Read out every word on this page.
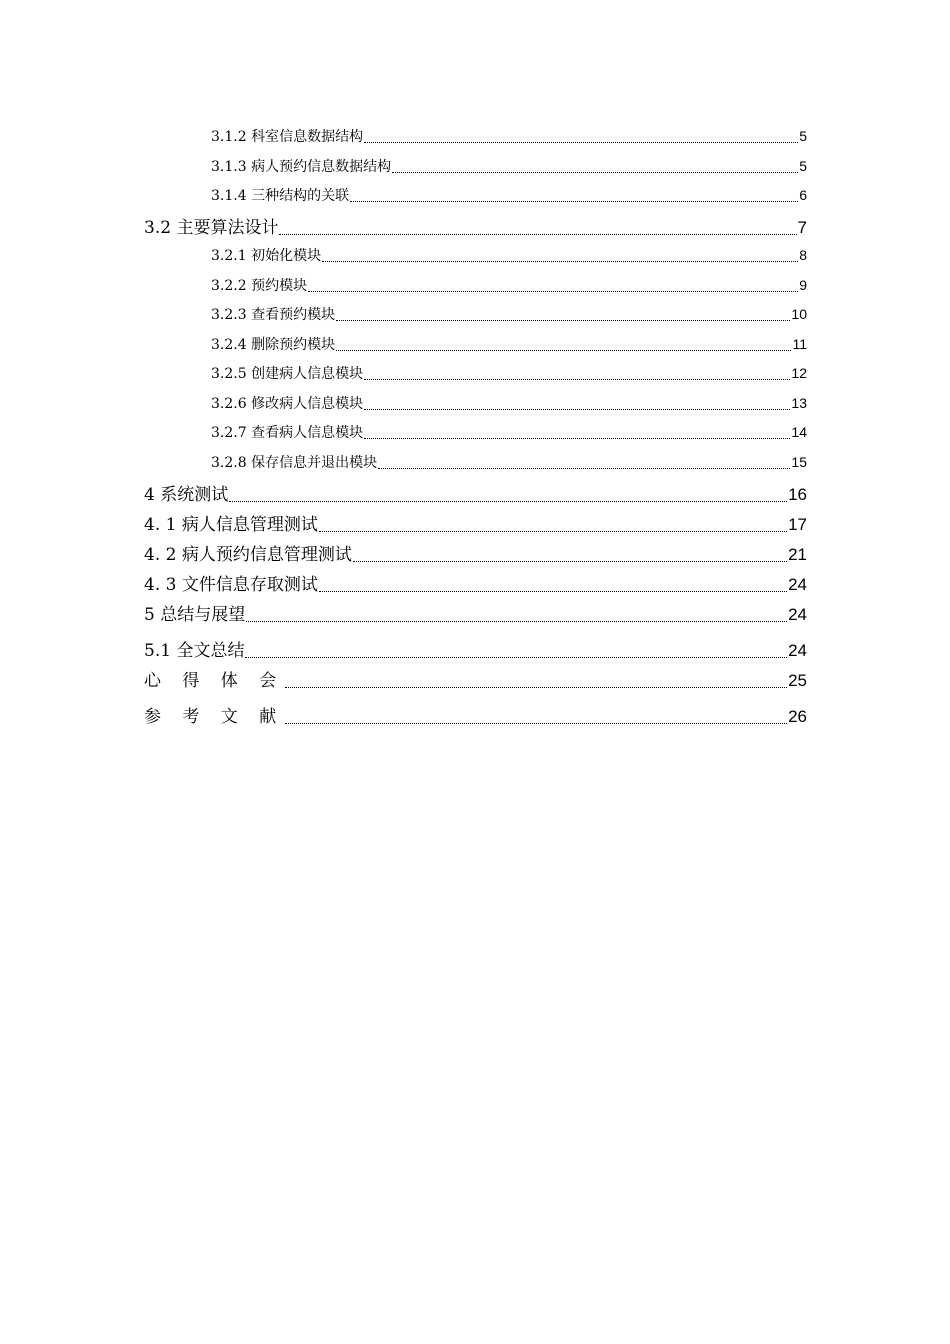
3.1.2 科室信息数据结构	5
3.1.3 病人预约信息数据结构	5
3.1.4 三种结构的关联	6
3.2 主要算法设计	7
3.2.1 初始化模块	8
3.2.2 预约模块	9
3.2.3 查看预约模块	10
3.2.4 删除预约模块	11
3.2.5 创建病人信息模块	12
3.2.6 修改病人信息模块	13
3.2.7 查看病人信息模块	14
3.2.8 保存信息并退出模块	15
4 系统测试	16
4. 1 病人信息管理测试	17
4. 2 病人预约信息管理测试	21
4. 3 文件信息存取测试	24
5 总结与展望	24
5.1 全文总结	24
心 得 体 会	25
参 考 文 献	26
